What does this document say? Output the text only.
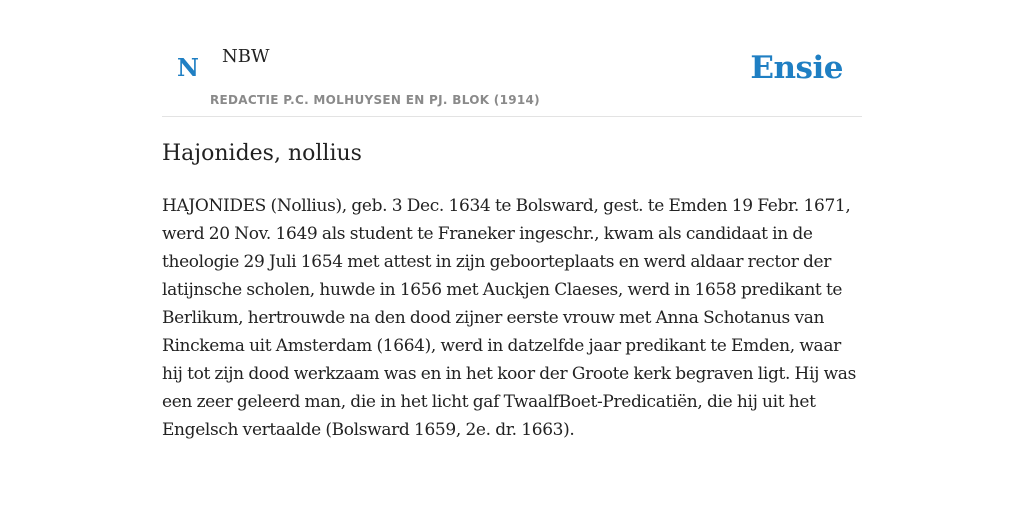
N NBW
REDACTIE P.C. MOLHUYSEN EN PJ. BLOK (1914)
Ensie
Hajonides, nollius

HAJONIDES (Nollius), geb. 3 Dec. 1634 te Bolsward, gest. te Emden 19 Febr. 1671, werd 20 Nov. 1649 als student te Franeker ingeschr., kwam als candidaat in de theologie 29 Juli 1654 met attest in zijn geboorteplaats en werd aldaar rector der latijnsche scholen, huwde in 1656 met Auckjen Claeses, werd in 1658 predikant te Berlikum, hertrouwde na den dood zijner eerste vrouw met Anna Schotanus van Rinckema uit Amsterdam (1664), werd in datzelfde jaar predikant te Emden, waar hij tot zijn dood werkzaam was en in het koor der Groote kerk begraven ligt. Hij was een zeer geleerd man, die in het licht gaf TwaalfBoet-Predicatiën, die hij uit het Engelsch vertaalde (Bolsward 1659, 2e. dr. 1663).
